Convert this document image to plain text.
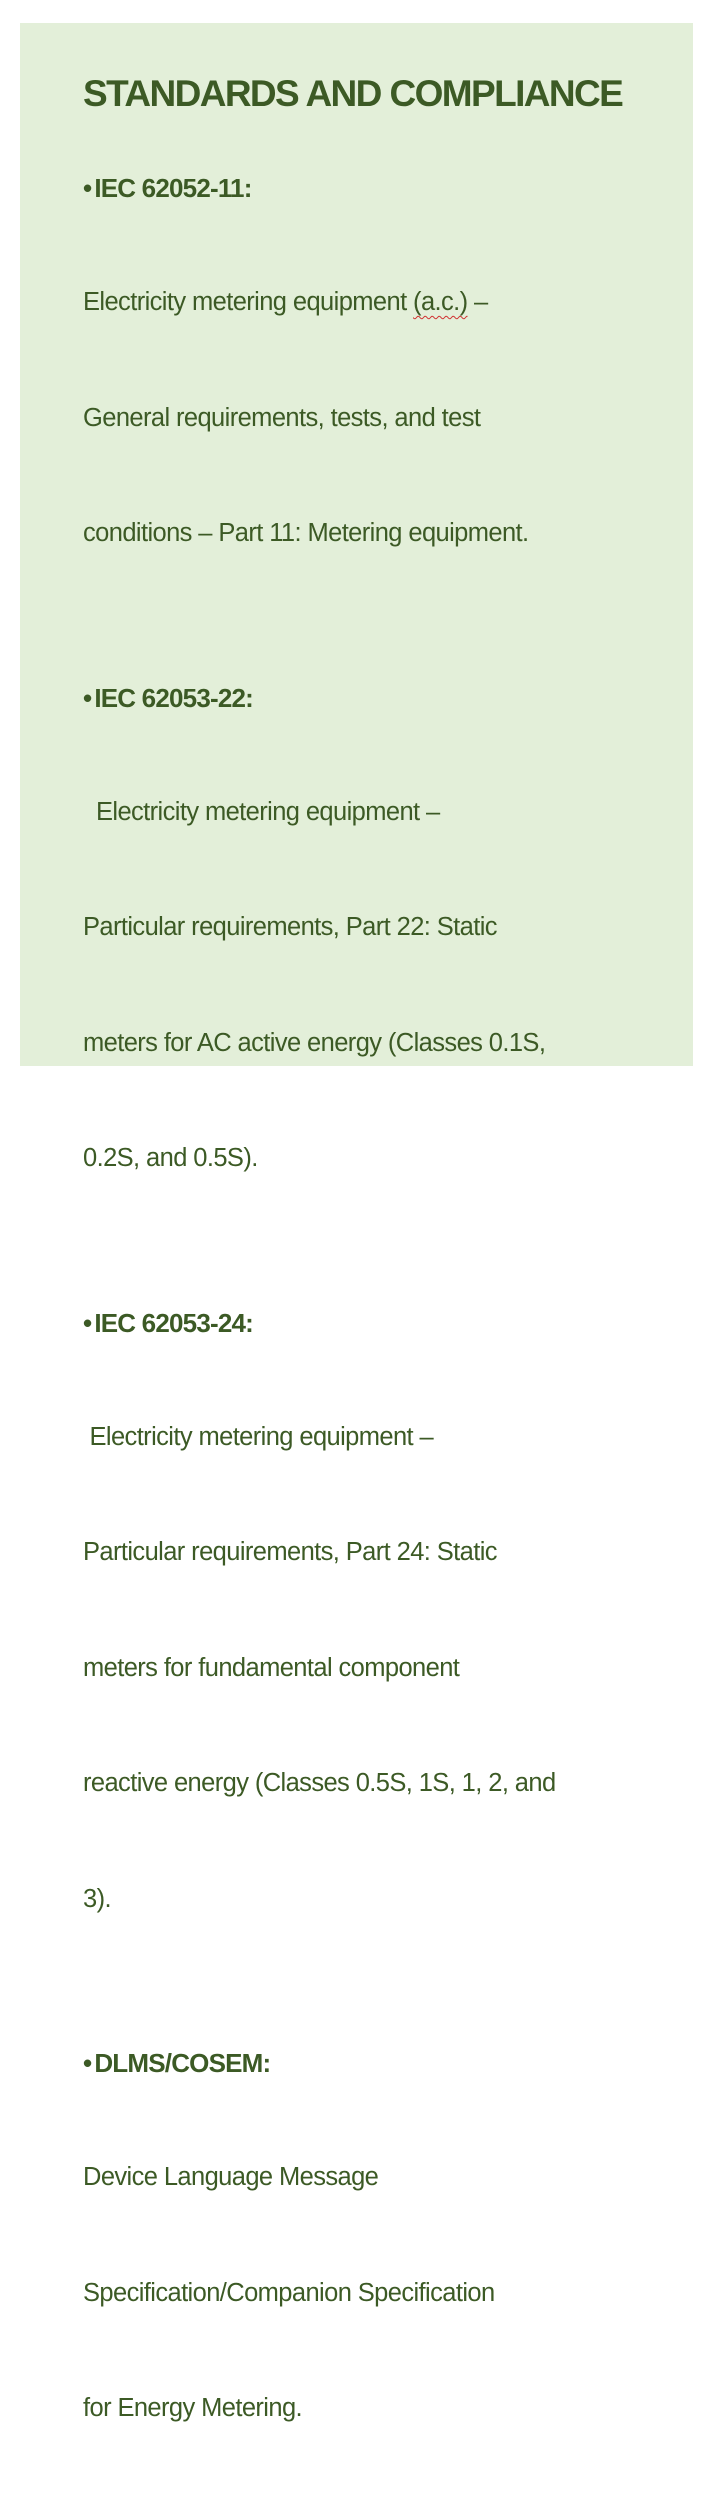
STANDARDS AND COMPLIANCE
• IEC 62052-11:

Electricity metering equipment (a.c.) –

General requirements, tests, and test

conditions – Part 11: Metering equipment.

• IEC 62053-22:

Electricity metering equipment –

Particular requirements, Part 22: Static

meters for AC active energy (Classes 0.1S,

0.2S, and 0.5S).

• IEC 62053-24:

Electricity metering equipment –

Particular requirements, Part 24: Static

meters for fundamental component

reactive energy (Classes 0.5S, 1S, 1, 2, and

3).

• DLMS/COSEM:

Device Language Message

Specification/Companion Specification

for Energy Metering.
